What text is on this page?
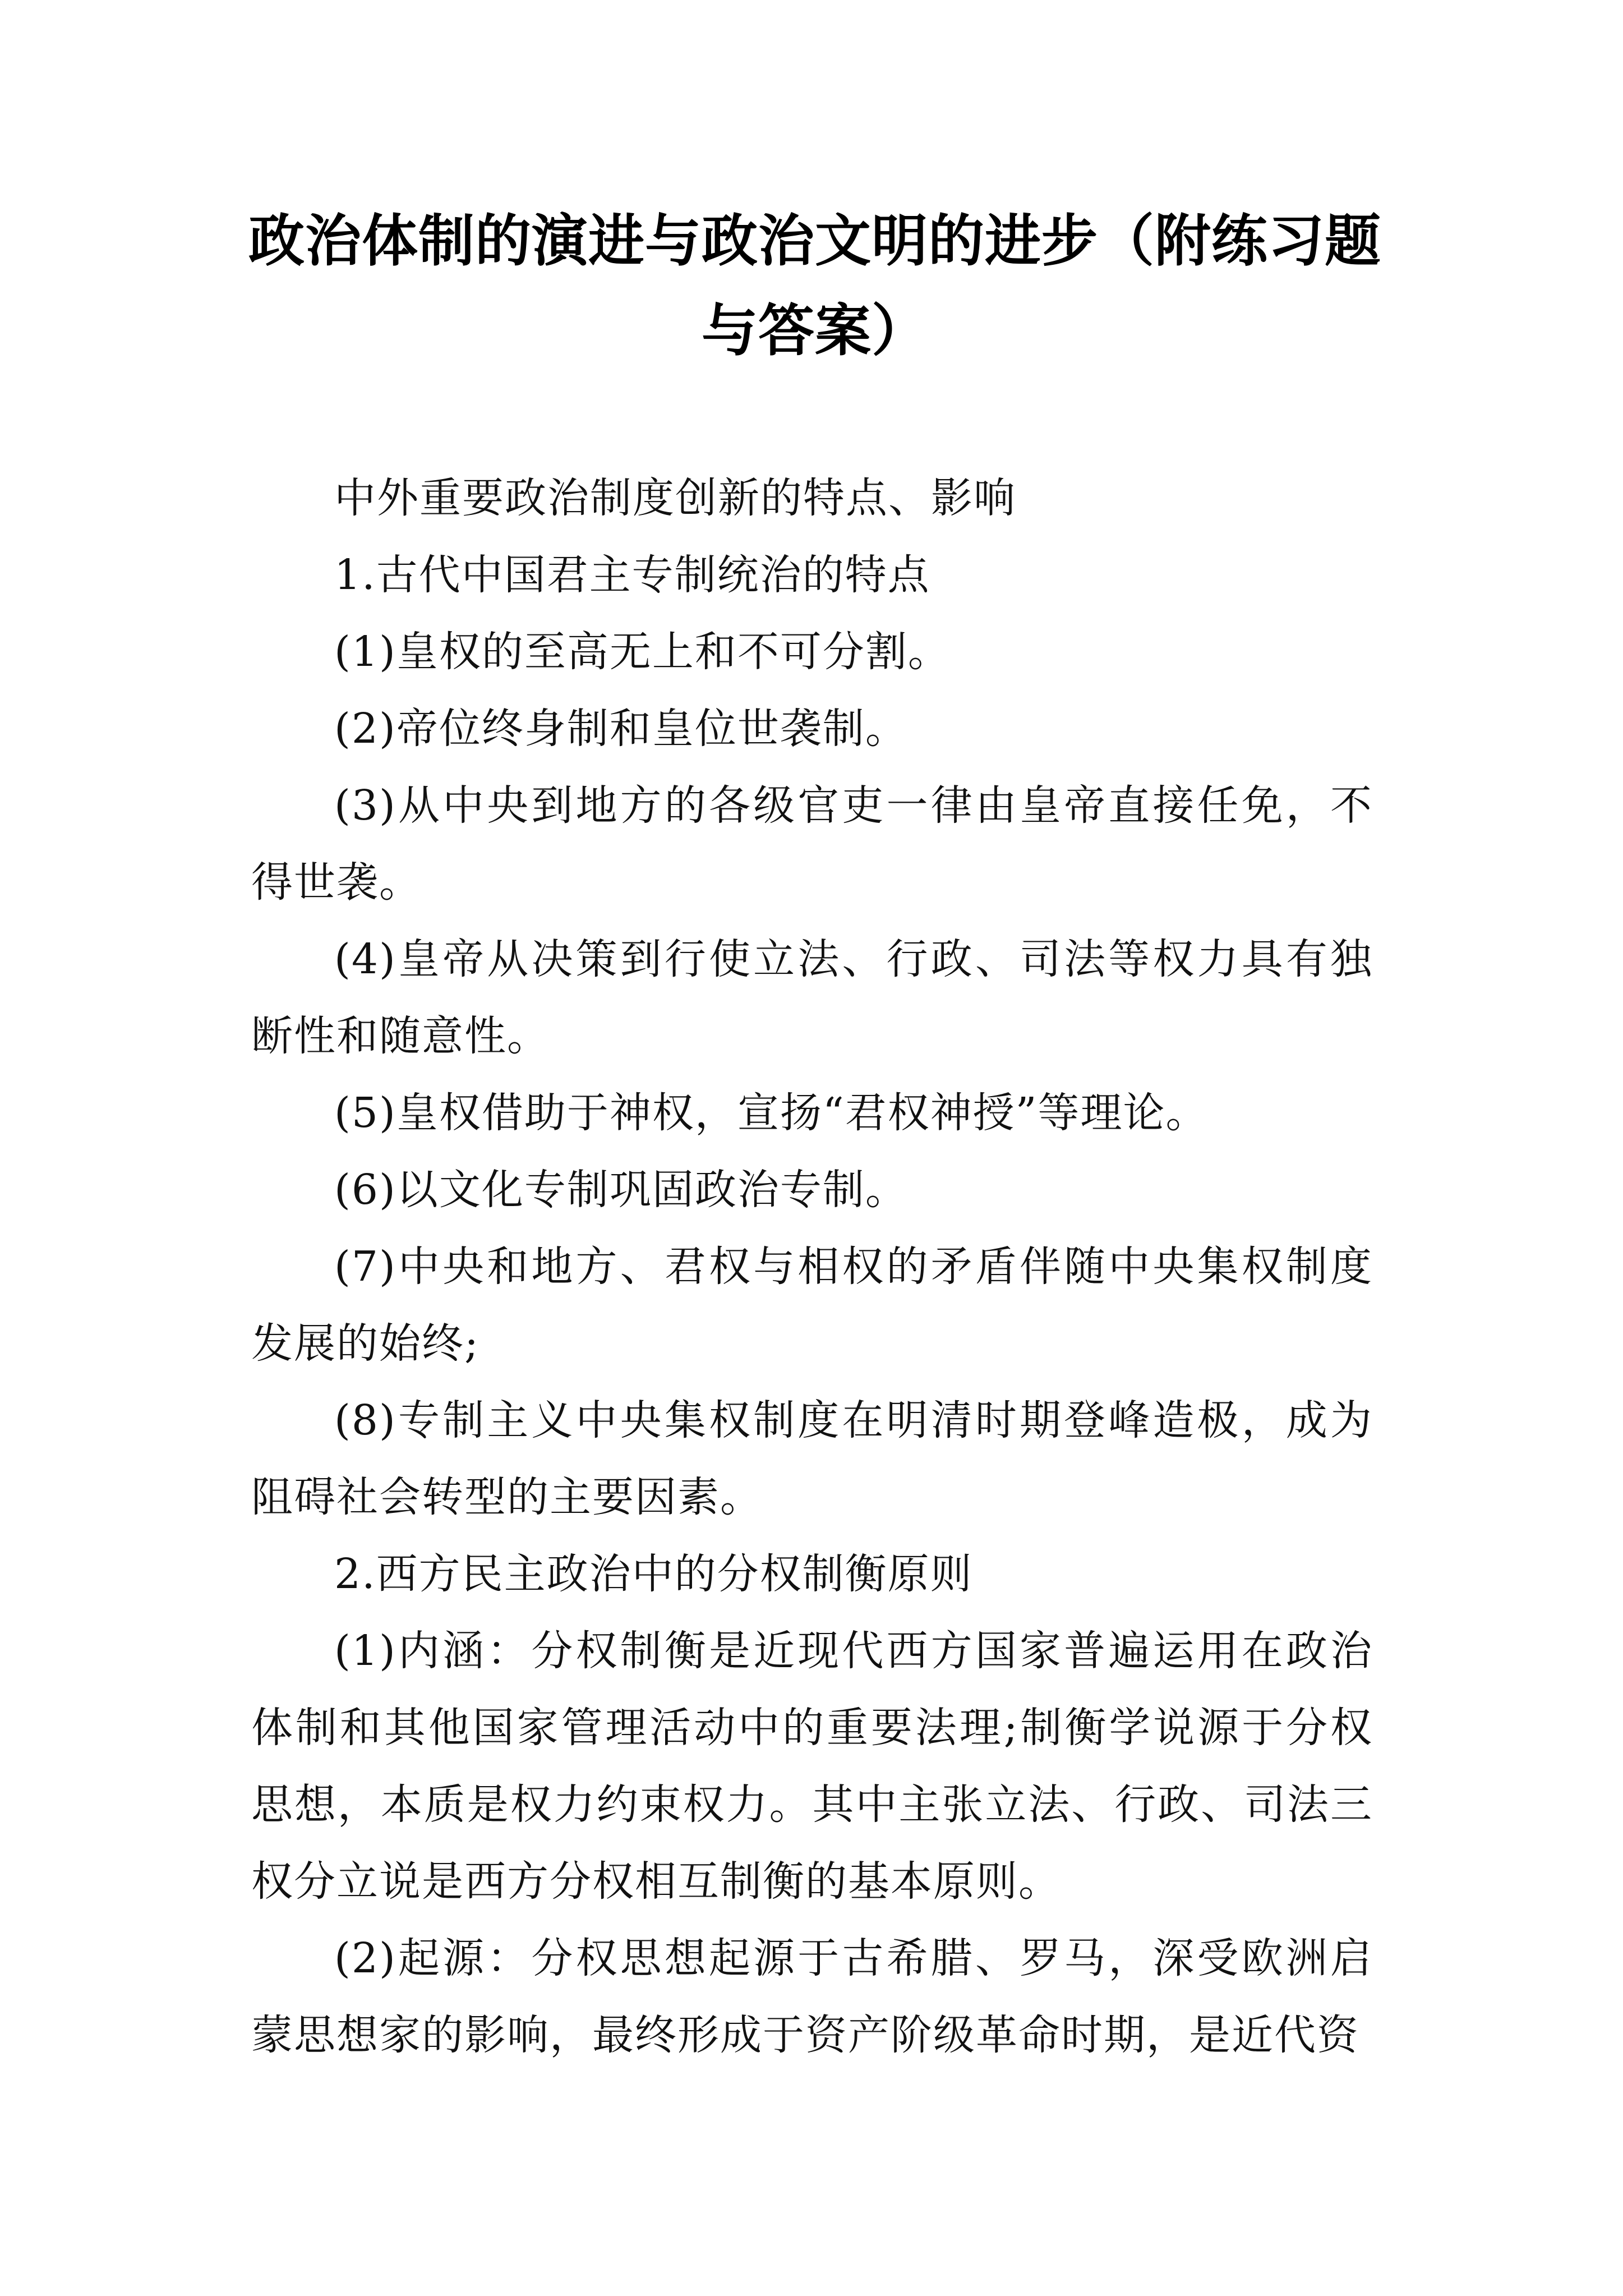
政治体制的演进与政治文明的进步（附练习题与答案）

中外重要政治制度创新的特点、影响

1.古代中国君主专制统治的特点

(1)皇权的至高无上和不可分割。

(2)帝位终身制和皇位世袭制。

(3)从中央到地方的各级官吏一律由皇帝直接任免，不得世袭。

(4)皇帝从决策到行使立法、行政、司法等权力具有独断性和随意性。

(5)皇权借助于神权，宣扬“君权神授”等理论。

(6)以文化专制巩固政治专制。

(7)中央和地方、君权与相权的矛盾伴随中央集权制度发展的始终;

(8)专制主义中央集权制度在明清时期登峰造极，成为阻碍社会转型的主要因素。

2.西方民主政治中的分权制衡原则

(1)内涵：分权制衡是近现代西方国家普遍运用在政治体制和其他国家管理活动中的重要法理;制衡学说源于分权思想，本质是权力约束权力。其中主张立法、行政、司法三权分立说是西方分权相互制衡的基本原则。

(2)起源：分权思想起源于古希腊、罗马，深受欧洲启蒙思想家的影响，最终形成于资产阶级革命时期，是近代资
